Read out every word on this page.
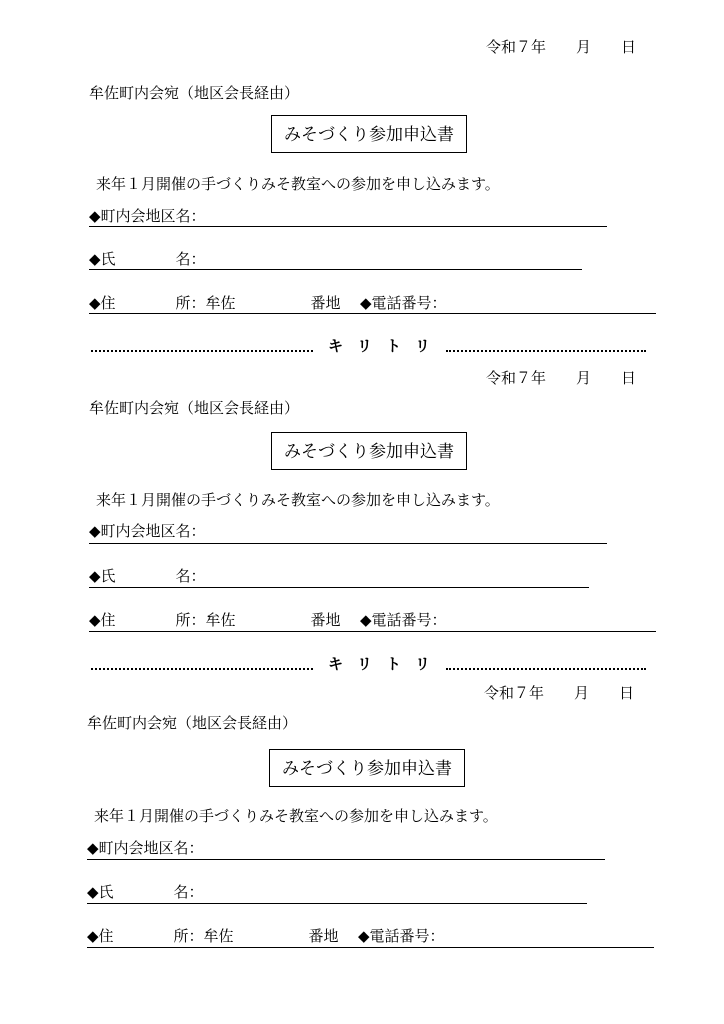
令和７年　　月　　日
牟佐町内会宛（地区会長経由）
みそづくり参加申込書
来年１月開催の手づくりみそ教室への参加を申し込みます。
◆町内会地区名：
◆氏　　　　名：
◆住　　　　所：牟佐　　　　　番地 ◆電話番号：
キリトリ
令和７年　　月　　日
牟佐町内会宛（地区会長経由）
みそづくり参加申込書
来年１月開催の手づくりみそ教室への参加を申し込みます。
◆町内会地区名：
◆氏　　　　名：
◆住　　　　所：牟佐　　　　　番地 ◆電話番号：
キリトリ
令和７年　　月　　日
牟佐町内会宛（地区会長経由）
みそづくり参加申込書
来年１月開催の手づくりみそ教室への参加を申し込みます。
◆町内会地区名：
◆氏　　　　名：
◆住　　　　所：牟佐　　　　　番地 ◆電話番号：
